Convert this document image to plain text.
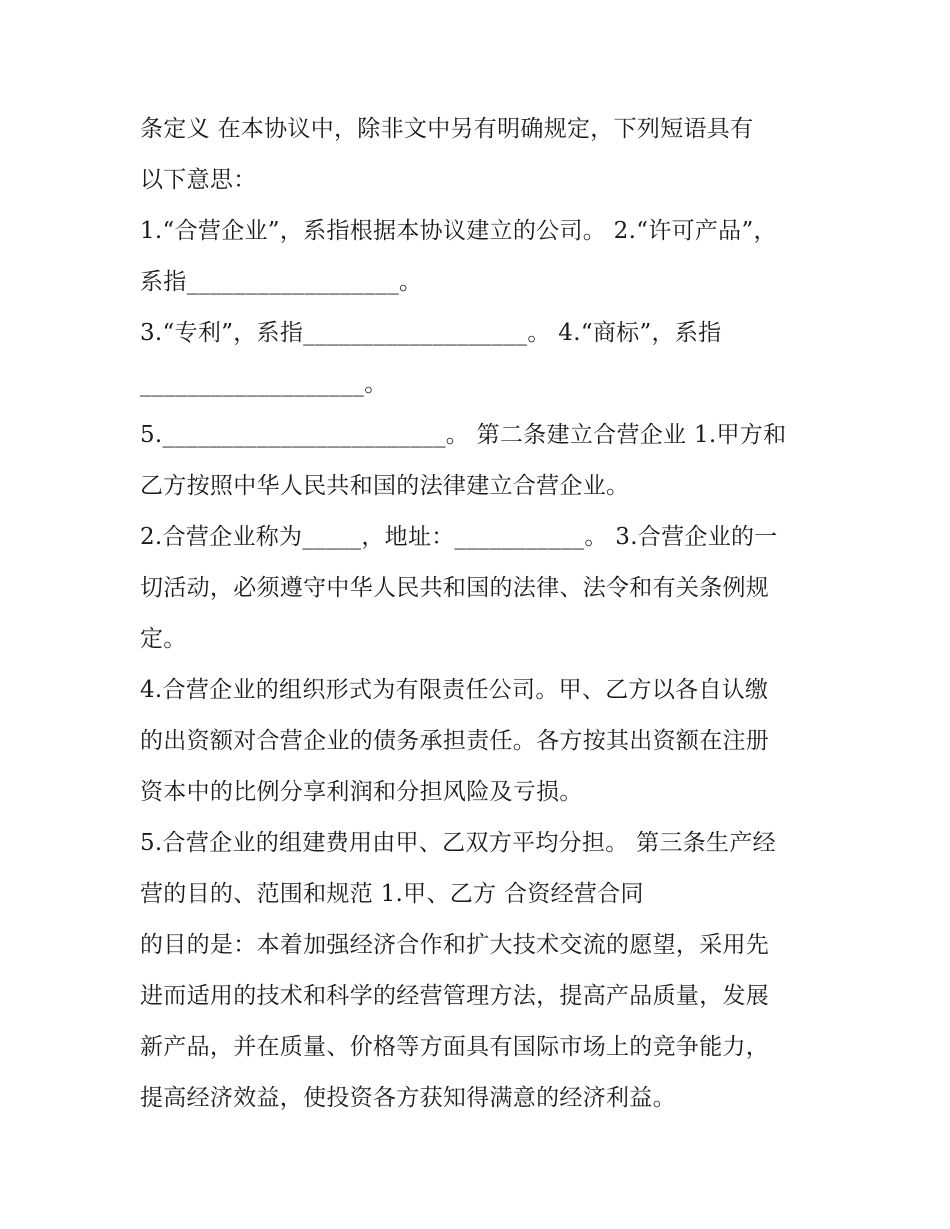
条定义 在本协议中，除非文中另有明确规定，下列短语具有
以下意思：
1.“合营企业”，系指根据本协议建立的公司。 2.“许可产品”，
系指__________________。
3.“专利”，系指___________________。 4.“商标”，系指
___________________。
5.________________________。 第二条建立合营企业 1.甲方和
乙方按照中华人民共和国的法律建立合营企业。
2.合营企业称为_____，地址：___________。 3.合营企业的一
切活动，必须遵守中华人民共和国的法律、法令和有关条例规
定。
4.合营企业的组织形式为有限责任公司。甲、乙方以各自认缴
的出资额对合营企业的债务承担责任。各方按其出资额在注册
资本中的比例分享利润和分担风险及亏损。
5.合营企业的组建费用由甲、乙双方平均分担。 第三条生产经
营的目的、范围和规范 1.甲、乙方 合资经营合同
的目的是：本着加强经济合作和扩大技术交流的愿望，采用先
进而适用的技术和科学的经营管理方法，提高产品质量，发展
新产品，并在质量、价格等方面具有国际市场上的竞争能力，
提高经济效益，使投资各方获知得满意的经济利益。
